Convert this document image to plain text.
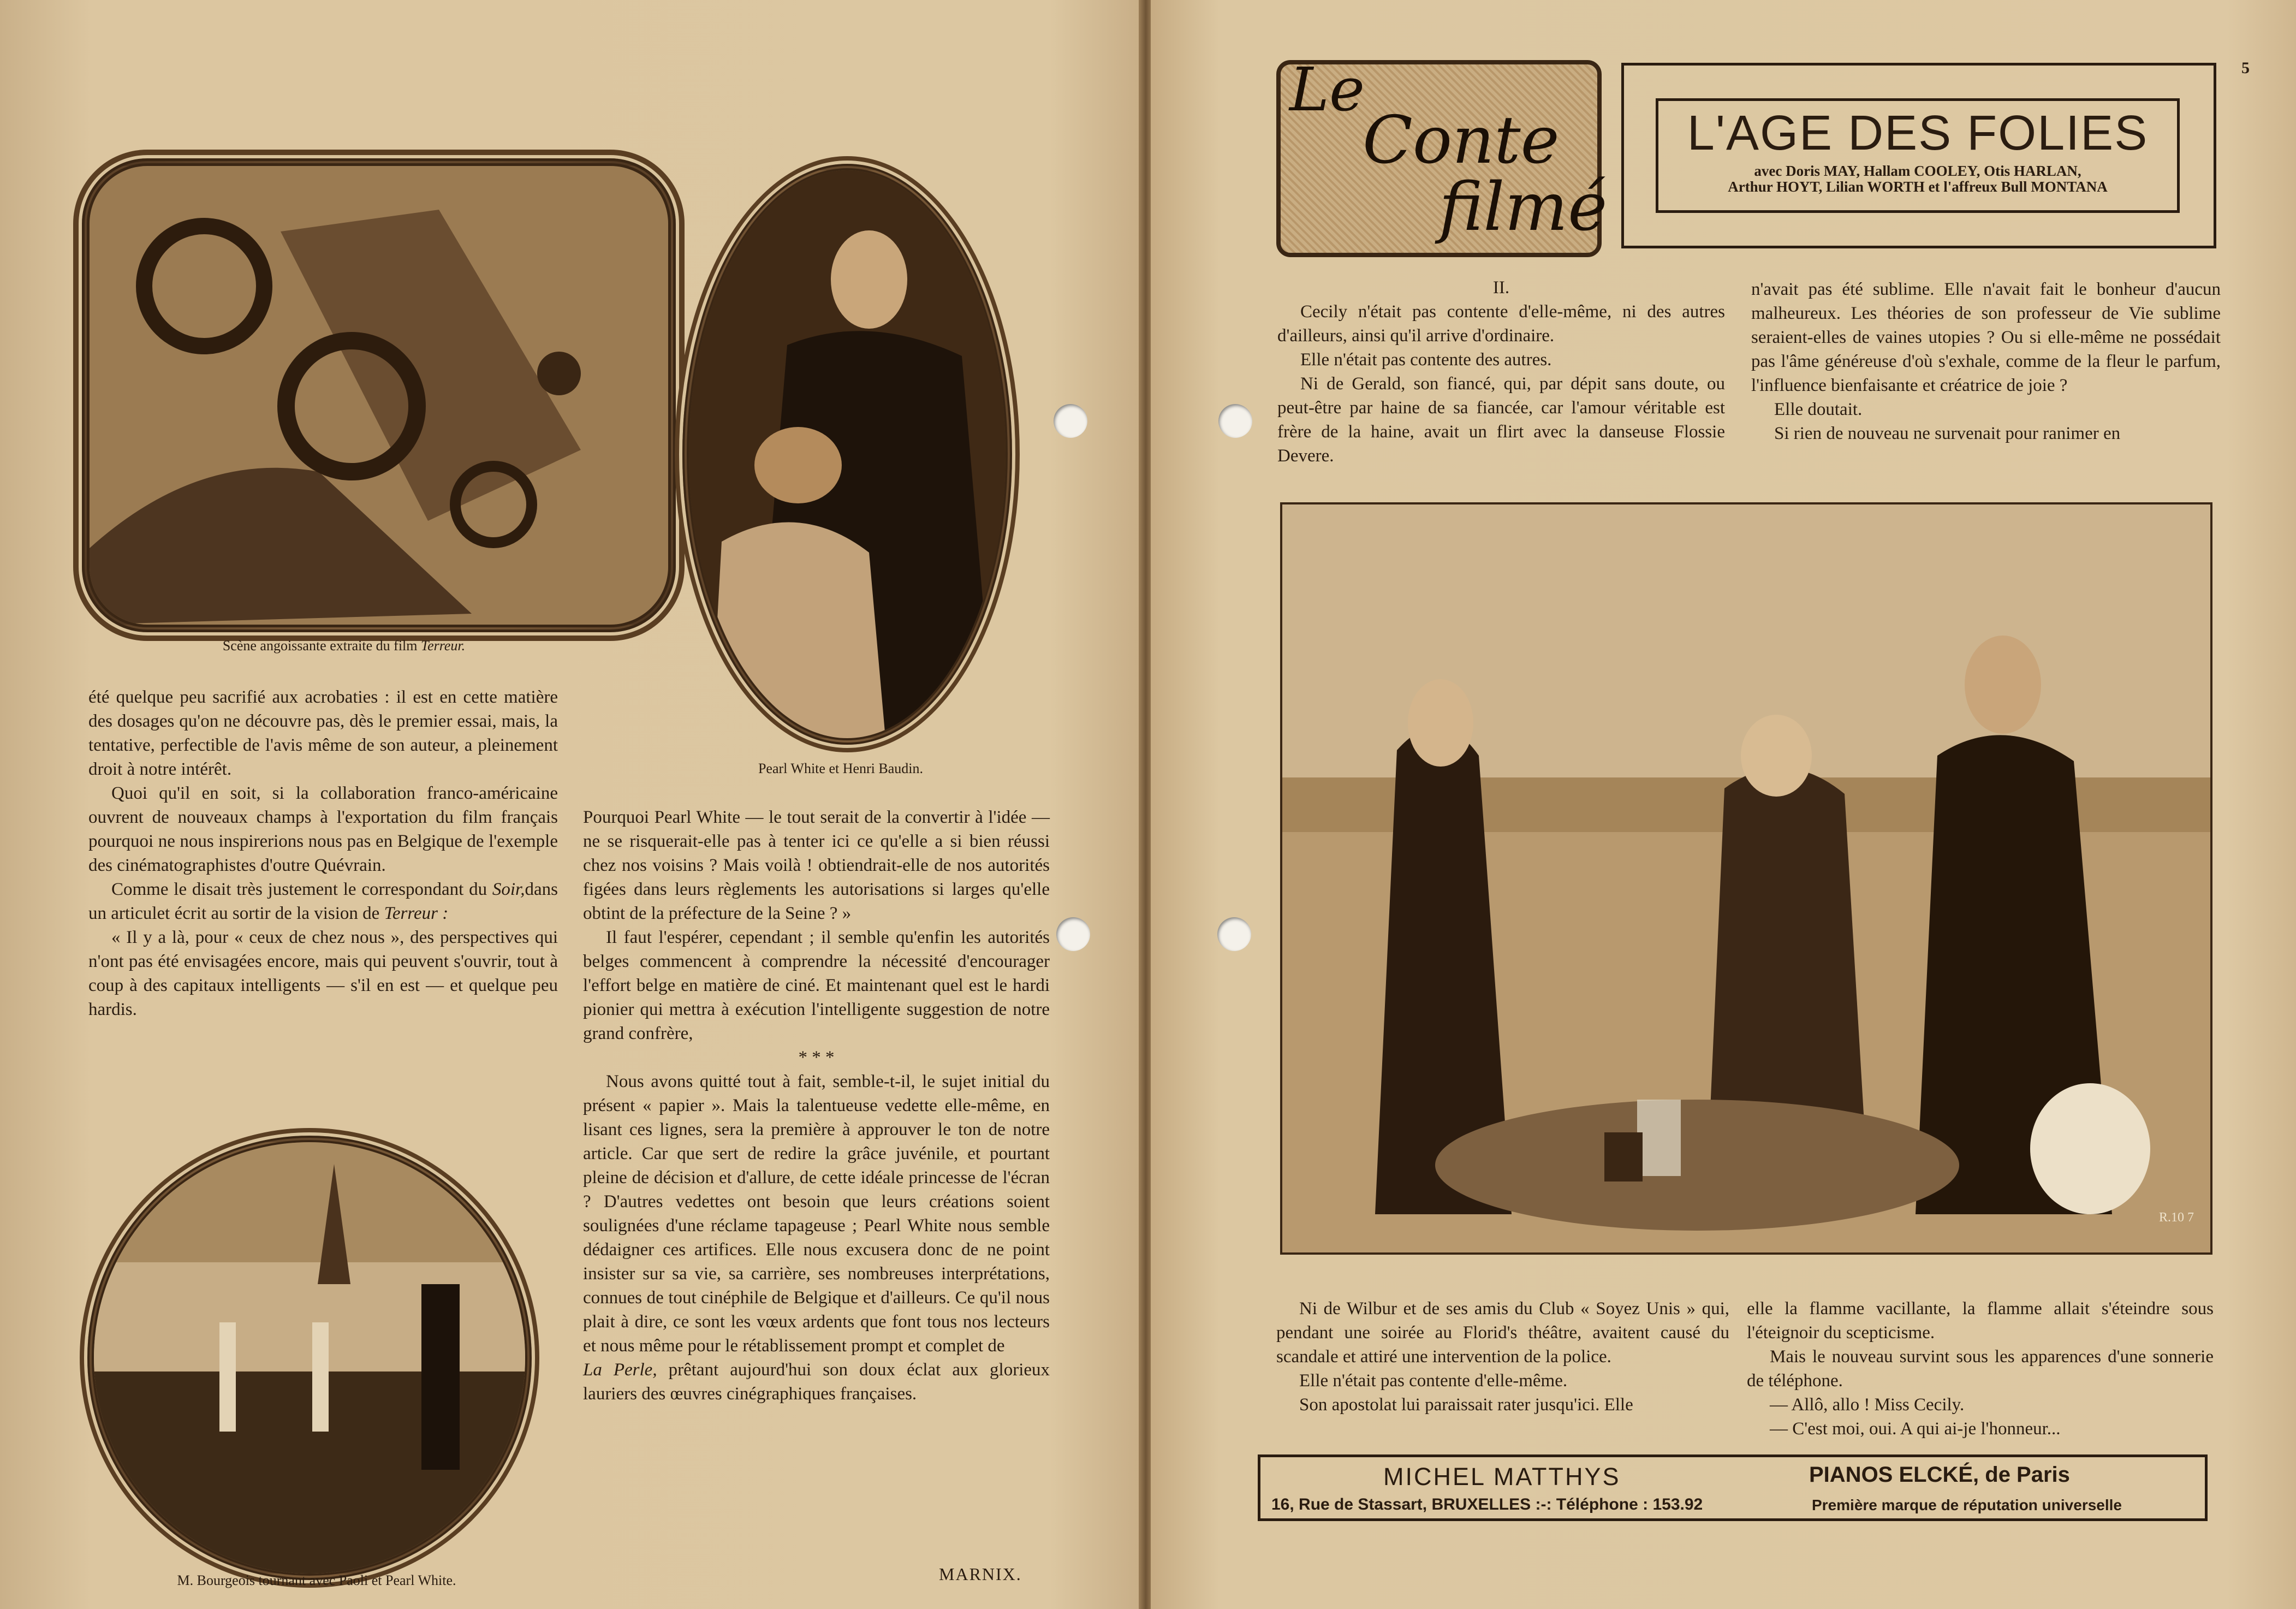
Scène angoissante extraite du film Terreur.
Pearl White et Henri Baudin.

été quelque peu sacrifié aux acrobaties : il est en cette matière des dosages qu'on ne découvre pas, dès le premier essai, mais, la tentative, perfectible de l'avis même de son auteur, a pleinement droit à notre intérêt.

Quoi qu'il en soit, si la collaboration franco-américaine ouvrent de nouveaux champs à l'exportation du film français pourquoi ne nous inspirerions nous pas en Belgique de l'exemple des cinématographistes d'outre Quévrain.

Comme le disait très justement le correspondant du Soir,dans un articulet écrit au sortir de la vision de Terreur :

« Il y a là, pour « ceux de chez nous », des perspectives qui n'ont pas été envisagées encore, mais qui peuvent s'ouvrir, tout à coup à des capitaux intelligents — s'il en est — et quelque peu hardis.

M. Bourgeois tournant avec Paoli et Pearl White.

Pourquoi Pearl White — le tout serait de la convertir à l'idée — ne se risquerait-elle pas à tenter ici ce qu'elle a si bien réussi chez nos voisins ? Mais voilà ! obtiendrait-elle de nos autorités figées dans leurs règlements les autorisations si larges qu'elle obtint de la préfecture de la Seine ? »

Il faut l'espérer, cependant ; il semble qu'enfin les autorités belges commencent à comprendre la nécessité d'encourager l'effort belge en matière de ciné. Et maintenant quel est le hardi pionier qui mettra à exécution l'intelligente suggestion de notre grand confrère,

* * *

Nous avons quitté tout à fait, semble-t-il, le sujet initial du présent « papier ». Mais la talentueuse vedette elle-même, en lisant ces lignes, sera la première à approuver le ton de notre article. Car que sert de redire la grâce juvénile, et pourtant pleine de décision et d'allure, de cette idéale princesse de l'écran ? D'autres vedettes ont besoin que leurs créations soient soulignées d'une réclame tapageuse ; Pearl White nous semble dédaigner ces artifices. Elle nous excusera donc de ne point insister sur sa vie, sa carrière, ses nombreuses interprétations, connues de tout cinéphile de Belgique et d'ailleurs. Ce qu'il nous plait à dire, ce sont les vœux ardents que font tous nos lecteurs et nous même pour le rétablissement prompt et complet de

La Perle, prêtant aujourd'hui son doux éclat aux glorieux lauriers des œuvres cinégraphiques françaises.

MARNIX.
5
Le
Conte
filmé
L'AGE DES FOLIES
avec Doris MAY, Hallam COOLEY, Otis HARLAN,
Arthur HOYT, Lilian WORTH et l'affreux Bull MONTANA

II.

Cecily n'était pas contente d'elle-même, ni des autres d'ailleurs, ainsi qu'il arrive d'ordinaire.

Elle n'était pas contente des autres.

Ni de Gerald, son fiancé, qui, par dépit sans doute, ou peut-être par haine de sa fiancée, car l'amour véritable est frère de la haine, avait un flirt avec la danseuse Flossie Devere.

n'avait pas été sublime. Elle n'avait fait le bonheur d'aucun malheureux. Les théories de son professeur de Vie sublime seraient-elles de vaines utopies ? Ou si elle-même ne possédait pas l'âme généreuse d'où s'exhale, comme de la fleur le parfum, l'influence bienfaisante et créatrice de joie ?

Elle doutait.

Si rien de nouveau ne survenait pour ranimer en

R.10 7

Ni de Wilbur et de ses amis du Club « Soyez Unis » qui, pendant une soirée au Florid's théâtre, avaitent causé du scandale et attiré une intervention de la police.

Elle n'était pas contente d'elle-même.

Son apostolat lui paraissait rater jusqu'ici. Elle

elle la flamme vacillante, la flamme allait s'éteindre sous l'éteignoir du scepticisme.

Mais le nouveau survint sous les apparences d'une sonnerie de téléphone.

— Allô, allo ! Miss Cecily.

— C'est moi, oui. A qui ai-je l'honneur...

MICHEL MATTHYS
16, Rue de Stassart, BRUXELLES :-: Téléphone : 153.92
PIANOS ELCKÉ, de Paris
Première marque de réputation universelle
